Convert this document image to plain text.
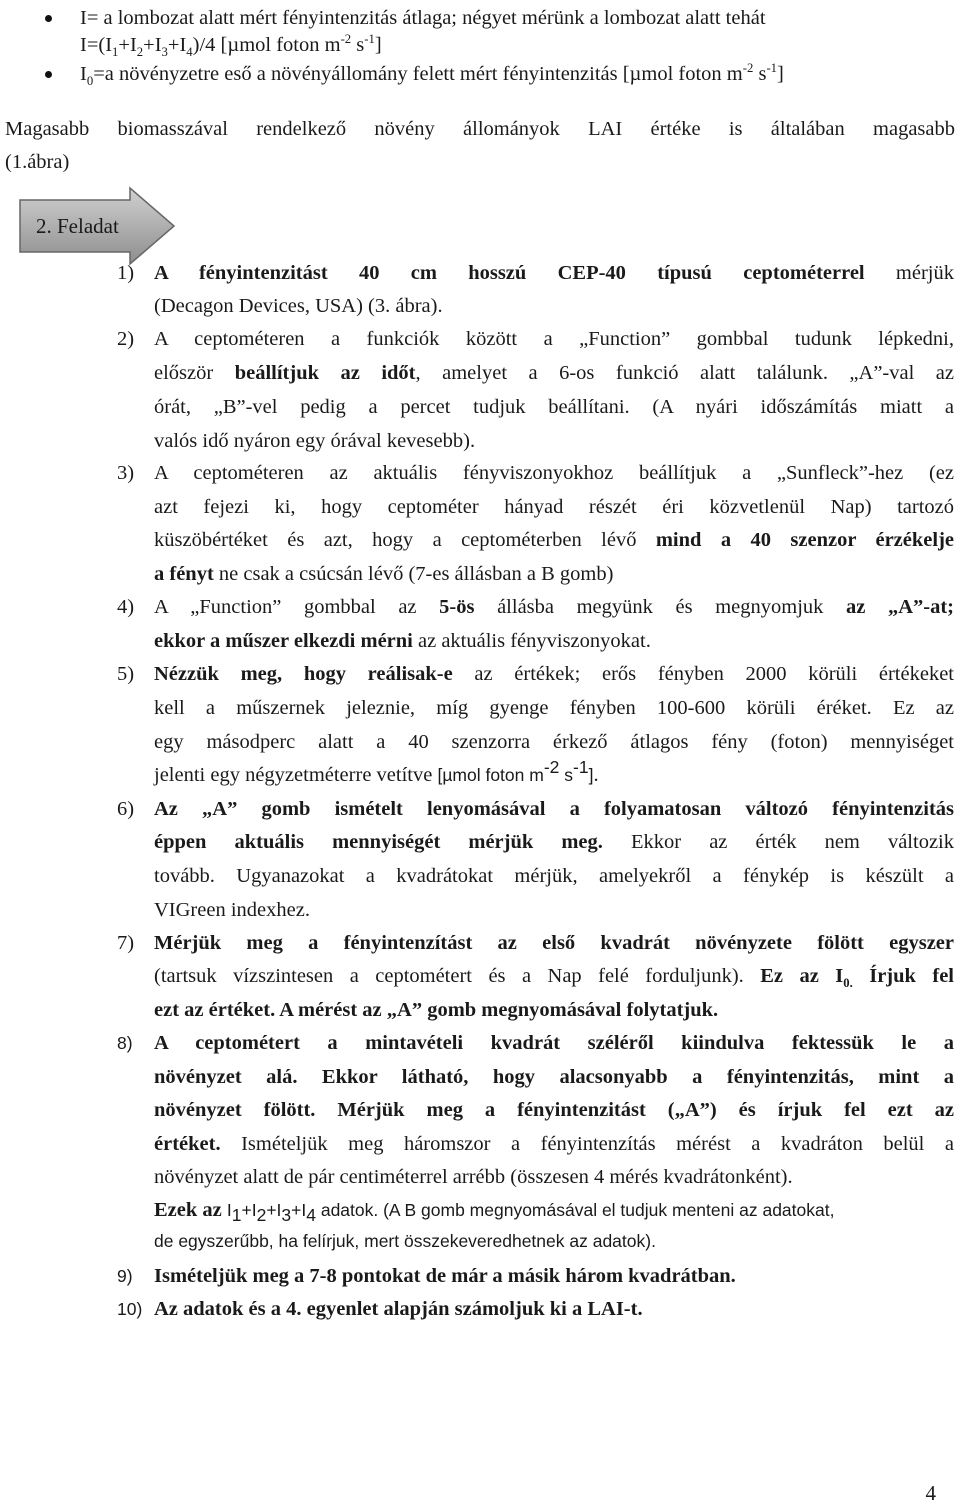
I= a lombozat alatt mért fényintenzitás átlaga; négyet mérünk a lombozat alatt tehát
$I=(I_1+I_2+I_3+I_4)/4$ [µmol foton $m^{-2}$ $s^{-1}$]
$I_0=a$ növényzetre eső a növényállomány felett mért fényintenzitás [µmol foton $m^{-2}$ $s^{-1}$]
Magasabb biomasszával rendelkező növény állományok LAI értéke is általában magasabb
(1.ábra)
2. Feladat
1) A fényintenzitást 40 cm hosszú CEP-40 típusú ceptométerrel mérjük
(Decagon Devices, USA) (3. ábra).
2) A ceptométeren a funkciók között a „Function” gombbal tudunk lépkedni,
először beállítjuk az időt, amelyet a 6-os funkció alatt találunk. „A”-val az
órát, „B”-vel pedig a percet tudjuk beállítani. (A nyári időszámítás miatt a
valós idő nyáron egy órával kevesebb).
3) A ceptométeren az aktuális fényviszonyokhoz beállítjuk a „Sunfleck”-hez (ez
azt fejezi ki, hogy ceptométer hányad részét éri közvetlenül Nap) tartozó
küszöbértéket és azt, hogy a ceptométerben lévő mind a 40 szenzor érzékelje
a fényt ne csak a csúcsán lévő (7-es állásban a B gomb)
4) A „Function” gombbal az 5-ös állásba megyünk és megnyomjuk az „A”-at;
ekkor a műszer elkezdi mérni az aktuális fényviszonyokat.
5) Nézzük meg, hogy reálisak-e az értékek; erős fényben 2000 körüli értékeket
kell a műszernek jeleznie, míg gyenge fényben 100-600 körüli éréket. Ez az
egy másodperc alatt a 40 szenzorra érkező átlagos fény (foton) mennyiséget
jelenti egy négyzetméterre vetítve [µmol foton $m^{-2}$ $s^{-1}$].
6) Az „A” gomb ismételt lenyomásával a folyamatosan változó fényintenzitás
éppen aktuális mennyiségét mérjük meg. Ekkor az érték nem változik
tovább. Ugyanazokat a kvadrátokat mérjük, amelyekről a fénykép is készült a
VIGreen indexhez.
7) Mérjük meg a fényintenzítást az első kvadrát növényzete fölött egyszer
(tartsuk vízszintesen a ceptométert és a Nap felé forduljunk). Ez az $I_{0.}$ Írjuk fel
ezt az értéket. A mérést az „A” gomb megnyomásával folytatjuk.
8) A ceptométert a mintavételi kvadrát széléről kiindulva fektessük le a
növényzet alá. Ekkor látható, hogy alacsonyabb a fényintenzitás, mint a
növényzet fölött. Mérjük meg a fényintenzitást („A”) és írjuk fel ezt az
értéket. Ismételjük meg háromszor a fényintenzítás mérést a kvadráton belül a
növényzet alatt de pár centiméterrel arrébb (összesen 4 mérés kvadrátonként).
Ezek az $I_1+I_2+I_3+I_4$ adatok. (A B gomb megnyomásával el tudjuk menteni az adatokat,
de egyszerűbb, ha felírjuk, mert összekeveredhetnek az adatok).
9) Ismételjük meg a 7-8 pontokat de már a másik három kvadrátban.
10) Az adatok és a 4. egyenlet alapján számoljuk ki a LAI-t.
4
